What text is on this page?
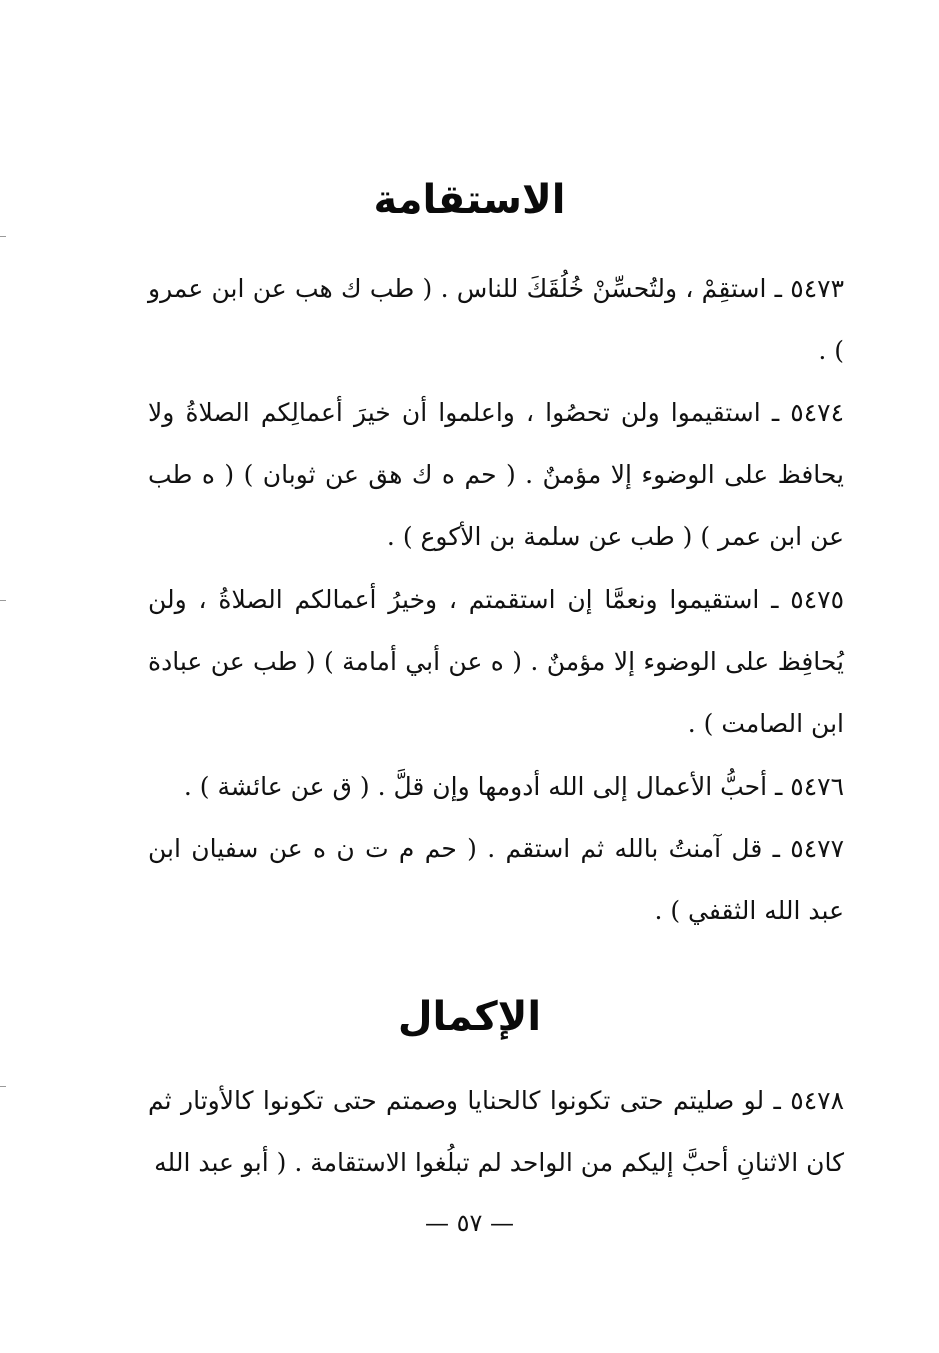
الاستقامة
٥٤٧٣ ـ استقِمْ ، ولتُحسِّنْ خُلُقَكَ للناس . ( طب ك هب عن ابن عمرو ) .
٥٤٧٤ ـ استقيموا ولن تحصُوا ، واعلموا أن خيرَ أعمالِكم الصلاةُ ولا يحافظ على الوضوء إلا مؤمنٌ . ( حم ه ك هق عن ثوبان ) ( ه طب عن ابن عمر ) ( طب عن سلمة بن الأكوع ) .
٥٤٧٥ ـ استقيموا ونعمَّا إن استقمتم ، وخيرُ أعمالكم الصلاةُ ، ولن يُحافِظ على الوضوء إلا مؤمنٌ . ( ه عن أبي أمامة ) ( طب عن عبادة ابن الصامت ) .
٥٤٧٦ ـ أحبُّ الأعمال إلى الله أدومها وإن قلَّ . ( ق عن عائشة ) .
٥٤٧٧ ـ قل آمنتُ بالله ثم استقم . ( حم م ت ن ه عن سفيان ابن عبد الله الثقفي ) .
الإكمال
٥٤٧٨ ـ لو صليتم حتى تكونوا كالحنايا وصمتم حتى تكونوا كالأوتار ثم كان الاثنانِ أحبَّ إليكم من الواحد لم تبلُغوا الاستقامة . ( أبو عبد الله
— ٥٧ —
